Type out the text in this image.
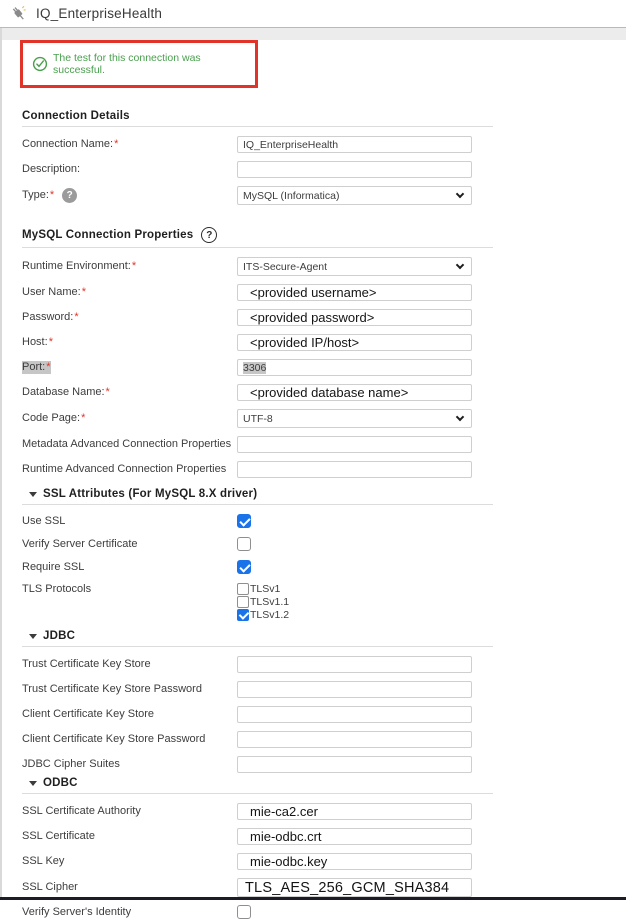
IQ_EnterpriseHealth
The test for this connection was successful.
Connection Details
Connection Name: *	IQ_EnterpriseHealth
Description:
Type: *	?	MySQL (Informatica)
MySQL Connection Properties	?
Runtime Environment: *	ITS-Secure-Agent
User Name: *	<provided username>
Password: *	<provided password>
Host: *	<provided IP/host>
Port: *	3306
Database Name: *	<provided database name>
Code Page: *	UTF-8
Metadata Advanced Connection Properties
Runtime Advanced Connection Properties
SSL Attributes (For MySQL 8.X driver)
Use SSL
Verify Server Certificate
Require SSL
TLS Protocols	TLSv1
TLSv1.1
TLSv1.2
JDBC
Trust Certificate Key Store
Trust Certificate Key Store Password
Client Certificate Key Store
Client Certificate Key Store Password
JDBC Cipher Suites
ODBC
SSL Certificate Authority	mie-ca2.cer
SSL Certificate	mie-odbc.crt
SSL Key	mie-odbc.key
SSL Cipher	TLS_AES_256_GCM_SHA384
Verify Server's Identity
